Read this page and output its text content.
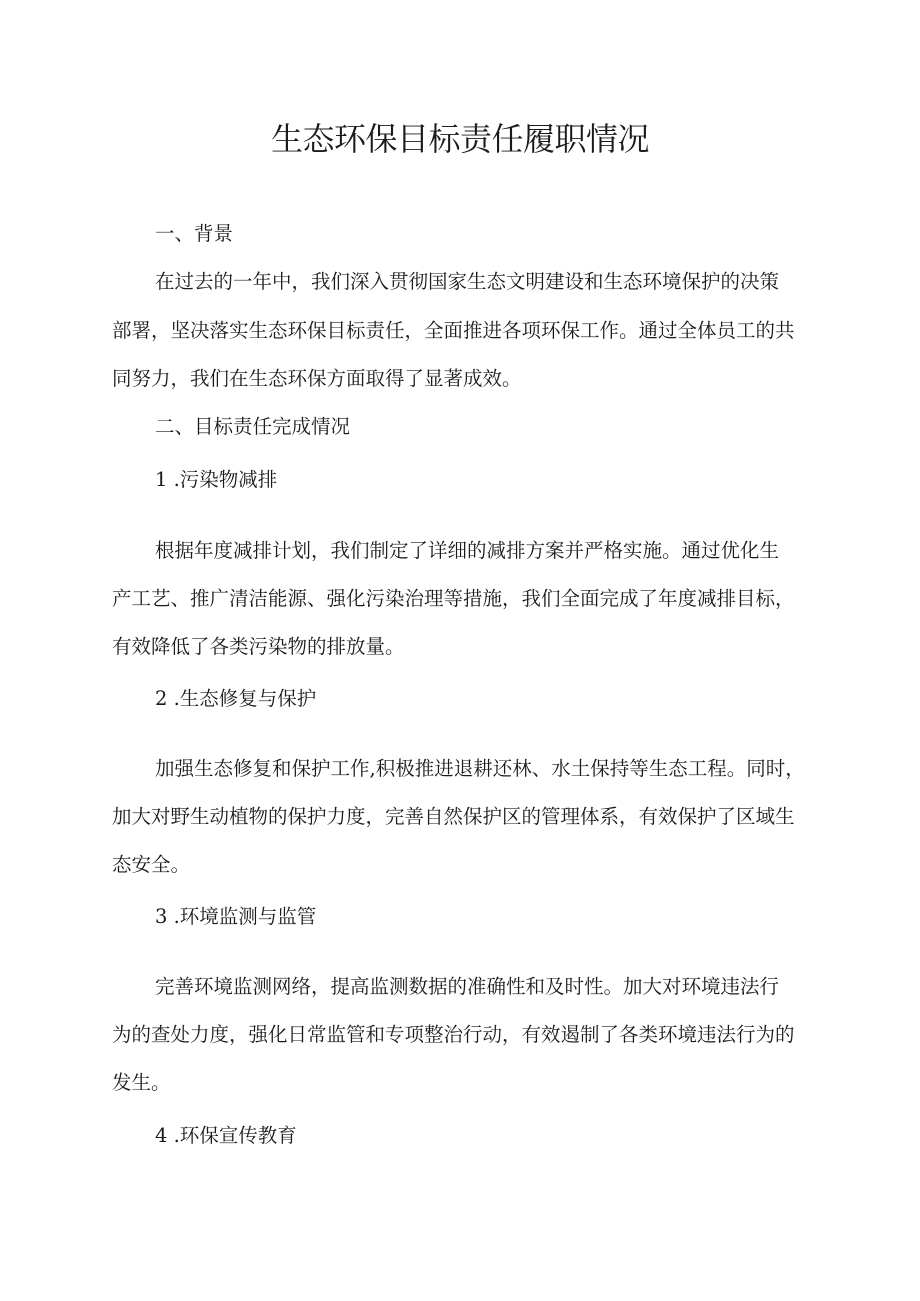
生态环保目标责任履职情况

一、背景

在过去的一年中，我们深入贯彻国家生态文明建设和生态环境保护的决策

部署，坚决落实生态环保目标责任，全面推进各项环保工作。通过全体员工的共

同努力，我们在生态环保方面取得了显著成效。

二、目标责任完成情况

1 .污染物减排

根据年度减排计划，我们制定了详细的减排方案并严格实施。通过优化生

产工艺、推广清洁能源、强化污染治理等措施，我们全面完成了年度减排目标，

有效降低了各类污染物的排放量。

2 .生态修复与保护

加强生态修复和保护工作,积极推进退耕还林、水土保持等生态工程。同时，

加大对野生动植物的保护力度，完善自然保护区的管理体系，有效保护了区域生

态安全。

3 .环境监测与监管

完善环境监测网络，提高监测数据的准确性和及时性。加大对环境违法行

为的查处力度，强化日常监管和专项整治行动，有效遏制了各类环境违法行为的

发生。

4 .环保宣传教育
